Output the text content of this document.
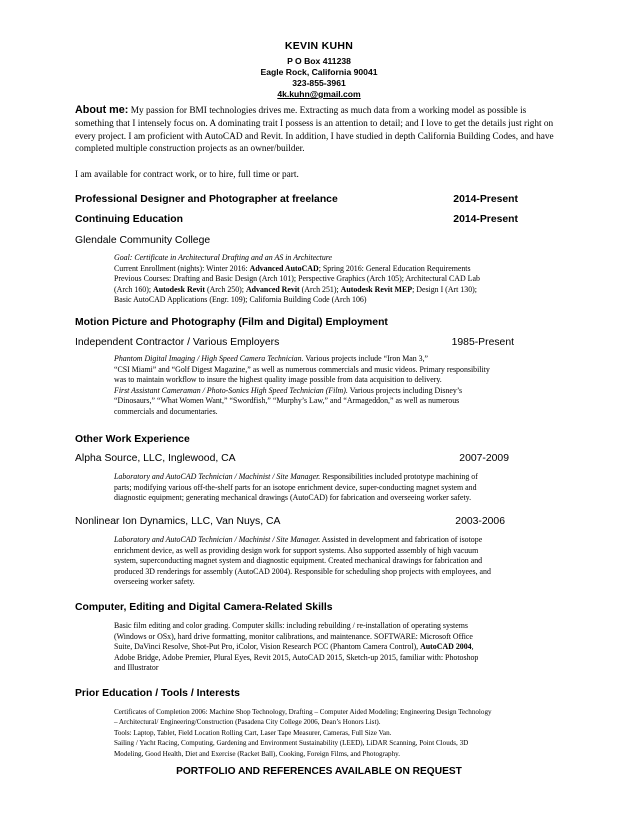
KEVIN KUHN
P O Box 411238
Eagle Rock, California 90041
323-855-3961
4k.kuhn@gmail.com
About me: My passion for BMI technologies drives me. Extracting as much data from a working model as possible is something that I intensely focus on. A dominating trait I possess is an attention to detail; and I love to get the details just right on every project. I am proficient with AutoCAD and Revit. In addition, I have studied in depth California Building Codes, and have completed multiple construction projects as an owner/builder.
I am available for contract work, or to hire, full time or part.
Professional Designer and Photographer at freelance	2014-Present
Continuing Education	2014-Present
Glendale Community College
Goal: Certificate in Architectural Drafting and an AS in Architecture
Current Enrollment (nights): Winter 2016: Advanced AutoCAD; Spring 2016: General Education Requirements
Previous Courses: Drafting and Basic Design (Arch 101); Perspective Graphics (Arch 105); Architectural CAD Lab
(Arch 160); Autodesk Revit (Arch 250); Advanced Revit (Arch 251); Autodesk Revit MEP; Design I (Art 130);
Basic AutoCAD Applications (Engr. 109); California Building Code (Arch 106)
Motion Picture and Photography (Film and Digital) Employment
Independent Contractor / Various Employers	1985-Present
Phantom Digital Imaging / High Speed Camera Technician. Various projects include “Iron Man 3,”
“CSI Miami” and “Golf Digest Magazine,” as well as numerous commercials and music videos. Primary responsibility
was to maintain workflow to insure the highest quality image possible from data acquisition to delivery.
First Assistant Cameraman / Photo-Sonics High Speed Technician (Film). Various projects including Disney’s
“Dinosaurs,” “What Women Want,” “Swordfish,” “Murphy’s Law,” and “Armageddon,” as well as numerous
commercials and documentaries.
Other Work Experience
Alpha Source, LLC, Inglewood, CA	2007-2009
Laboratory and AutoCAD Technician / Machinist / Site Manager. Responsibilities included prototype machining of
parts; modifying various off-the-shelf parts for an isotope enrichment device, super-conducting magnet system and
diagnostic equipment; generating mechanical drawings (AutoCAD) for fabrication and overseeing worker safety.
Nonlinear Ion Dynamics, LLC, Van Nuys, CA	2003-2006
Laboratory and AutoCAD Technician / Machinist / Site Manager. Assisted in development and fabrication of isotope
enrichment device, as well as providing design work for support systems. Also supported assembly of high vacuum
system, superconducting magnet system and diagnostic equipment. Created mechanical drawings for fabrication and
produced 3D renderings for assembly (AutoCAD 2004). Responsible for scheduling shop projects with employees, and
overseeing worker safety.
Computer, Editing and Digital Camera-Related Skills
Basic film editing and color grading. Computer skills: including rebuilding / re-installation of operating systems
(Windows or OSx), hard drive formatting, monitor calibrations, and maintenance. SOFTWARE: Microsoft Office
Suite, DaVinci Resolve, Shot-Put Pro, iColor, Vision Research PCC (Phantom Camera Control), AutoCAD 2004,
Adobe Bridge, Adobe Premier, Plural Eyes, Revit 2015, AutoCAD 2015, Sketch-up 2015, familiar with: Photoshop
and Illustrator
Prior Education / Tools / Interests
Certificates of Completion 2006: Machine Shop Technology, Drafting – Computer Aided Modeling; Engineering Design Technology
– Architectural/ Engineering/Construction (Pasadena City College 2006, Dean’s Honors List).
Tools: Laptop, Tablet, Field Location Rolling Cart, Laser Tape Measurer, Cameras, Full Size Van.
Sailing / Yacht Racing, Computing, Gardening and Environment Sustainability (LEED), LiDAR Scanning, Point Clouds, 3D
Modeling, Good Health, Diet and Exercise (Racket Ball), Cooking, Foreign Films, and Photography.
PORTFOLIO AND REFERENCES AVAILABLE ON REQUEST
